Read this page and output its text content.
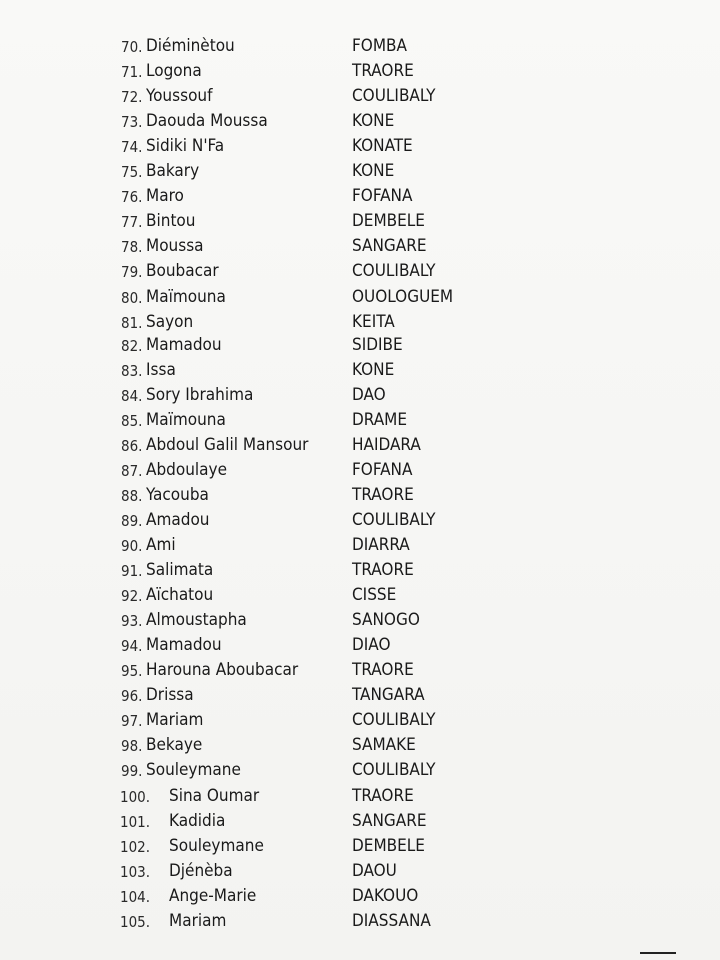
70. Diéminètou	FOMBA
71. Logona	TRAORE
72. Youssouf	COULIBALY
73. Daouda Moussa	KONE
74. Sidiki N'Fa	KONATE
75. Bakary	KONE
76. Maro	FOFANA
77. Bintou	DEMBELE
78. Moussa	SANGARE
79. Boubacar	COULIBALY
80. Maïmouna	OUOLOGUEM
81. Sayon	KEITA
82. Mamadou	SIDIBE
83. Issa	KONE
84. Sory Ibrahima	DAO
85. Maïmouna	DRAME
86. Abdoul Galil Mansour	HAIDARA
87. Abdoulaye	FOFANA
88. Yacouba	TRAORE
89. Amadou	COULIBALY
90. Ami	DIARRA
91. Salimata	TRAORE
92. Aïchatou	CISSE
93. Almoustapha	SANOGO
94. Mamadou	DIAO
95. Harouna Aboubacar	TRAORE
96. Drissa	TANGARA
97. Mariam	COULIBALY
98. Bekaye	SAMAKE
99. Souleymane	COULIBALY
100. Sina Oumar	TRAORE
101. Kadidia	SANGARE
102. Souleymane	DEMBELE
103. Djénèba	DAOU
104. Ange-Marie	DAKOUO
105. Mariam	DIASSANA
